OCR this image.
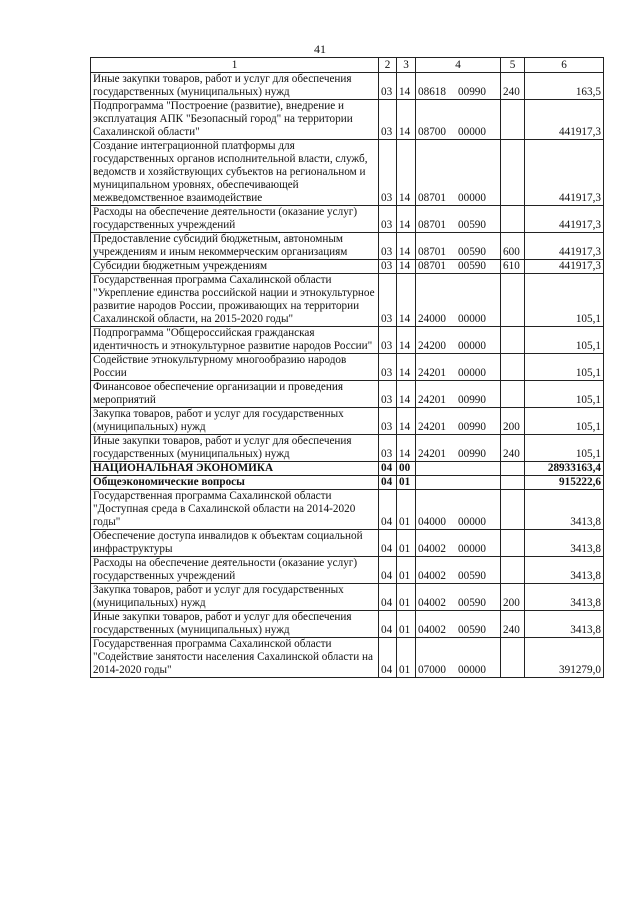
41
1	2	3	4	5	6
Иные закупки товаров, работ и услуг для обеспечения государственных (муниципальных) нужд	03	14	08618 00990	240	163,5
Подпрограмма "Построение (развитие), внедрение и эксплуатация АПК "Безопасный город" на территории Сахалинской области"	03	14	08700 00000		441917,3
Создание интеграционной платформы для государственных органов исполнительной власти, служб, ведомств и хозяйствующих субъектов на региональном и муниципальном уровнях, обеспечивающей межведомственное взаимодействие	03	14	08701 00000		441917,3
Расходы на обеспечение деятельности (оказание услуг) государственных учреждений	03	14	08701 00590		441917,3
Предоставление субсидий бюджетным, автономным учреждениям и иным некоммерческим организациям	03	14	08701 00590	600	441917,3
Субсидии бюджетным учреждениям	03	14	08701 00590	610	441917,3
Государственная программа Сахалинской области "Укрепление единства российской нации и этнокультурное развитие народов России, проживающих на территории Сахалинской области, на 2015-2020 годы"	03	14	24000 00000		105,1
Подпрограмма "Общероссийская гражданская идентичность и этнокультурное развитие народов России"	03	14	24200 00000		105,1
Содействие этнокультурному многообразию народов России	03	14	24201 00000		105,1
Финансовое обеспечение организации и проведения мероприятий	03	14	24201 00990		105,1
Закупка товаров, работ и услуг для государственных (муниципальных) нужд	03	14	24201 00990	200	105,1
Иные закупки товаров, работ и услуг для обеспечения государственных (муниципальных) нужд	03	14	24201 00990	240	105,1
НАЦИОНАЛЬНАЯ ЭКОНОМИКА	04	00			28933163,4
Общеэкономические вопросы	04	01			915222,6
Государственная программа Сахалинской области "Доступная среда в Сахалинской области на 2014-2020 годы"	04	01	04000 00000		3413,8
Обеспечение доступа инвалидов к объектам социальной инфраструктуры	04	01	04002 00000		3413,8
Расходы на обеспечение деятельности (оказание услуг) государственных учреждений	04	01	04002 00590		3413,8
Закупка товаров, работ и услуг для государственных (муниципальных) нужд	04	01	04002 00590	200	3413,8
Иные закупки товаров, работ и услуг для обеспечения государственных (муниципальных) нужд	04	01	04002 00590	240	3413,8
Государственная программа Сахалинской области "Содействие занятости населения Сахалинской области на 2014-2020 годы"	04	01	07000 00000		391279,0
